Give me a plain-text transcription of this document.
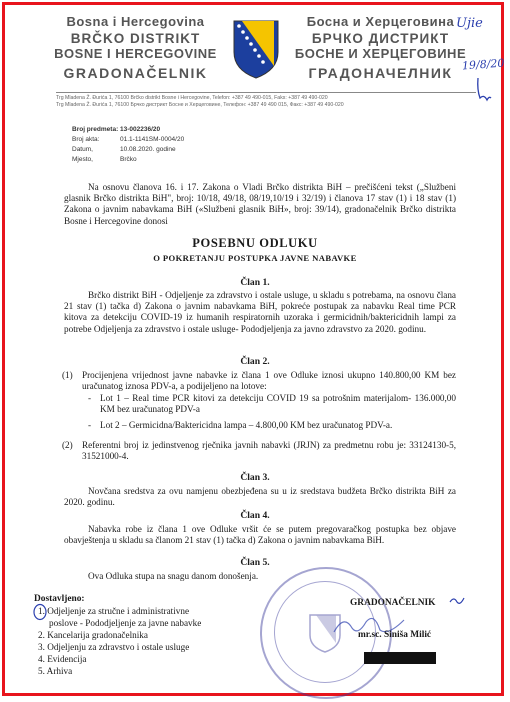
Bosna i Hercegovina
BRČKO DISTRIKT
BOSNE I HERCEGOVINE
GRADONAČELNIK
Босна и Херцеговина
БРЧКО ДИСТРИКТ
БОСНЕ И ХЕРЦЕГОВИНЕ
ГРАДОНАЧЕЛНИК
Ujie
19/8/20
Trg Mladena Ž. Đurića 1, 76100 Brčko distrikt Bosne i Hercegovine, Telefon: +387 49 490-015, Faks: +387 49 490-020
Trg Mladena Ž. Đurića 1, 76100 Брчко дистрикт Босне и Херцеговине, Телефон: +387 49 490 015, Факс: +387 49 490-020
Broj predmeta: 13-002236/20
Broj akta:	01.1-1141SM-0004/20
Datum,	10.08.2020. godine
Mjesto,	Brčko
Na osnovu članova 16. i 17. Zakona o Vladi Brčko distrikta BiH – prečišćeni tekst („Službeni glasnik Brčko distrikta BiH", broj: 10/18, 49/18, 08/19,10/19 i 32/19) i članova 17 stav (1) i 18 stav (1) Zakona o javnim nabavkama BiH («Službeni glasnik BiH», broj: 39/14), gradonačelnik Brčko distrikta Bosne i Hercegovine donosi
POSEBNU ODLUKU
O POKRETANJU POSTUPKA JAVNE NABAVKE
Član 1.
Brčko distrikt BiH - Odjeljenje za zdravstvo i ostale usluge, u skladu s potrebama, na osnovu člana 21 stav (1) tačka d) Zakona o javnim nabavkama BiH, pokreće postupak za nabavku Real time PCR kitova za detekciju COVID-19 iz humanih respiratornih uzoraka i germicidnih/baktericidnih lampi za potrebe Odjeljenja za zdravstvo i ostale usluge- Pododjeljenja za javno zdravstvo za 2020. godinu.
Član 2.
(1) Procijenjena vrijednost javne nabavke iz člana 1 ove Odluke iznosi ukupno 140.800,00 KM bez uračunatog iznosa PDV-a, a podijeljeno na lotove:
- Lot 1 – Real time PCR kitovi za detekciju COVID 19 sa potrošnim materijalom- 136.000,00 KM bez uračunatog PDV-a
- Lot 2 – Germicidna/Baktericidna lampa – 4.800,00 KM bez uračunatog PDV-a.
(2) Referentni broj iz jedinstvenog rječnika javnih nabavki (JRJN) za predmetnu robu je: 33124130-5, 31521000-4.
Član 3.
Novčana sredstva za ovu namjenu obezbjeđena su u iz sredstava budžeta Brčko distrikta BiH za 2020. godinu.
Član 4.
Nabavka robe iz člana 1 ove Odluke vršit će se putem pregovaračkog postupka bez objave obavještenja u skladu sa članom 21 stav (1) tačka d) Zakona o javnim nabavkama BiH.
Član 5.
Ova Odluka stupa na snagu danom donošenja.
Dostavljeno:
1. Odjeljenje za stručne i administrativne
poslove - Pododjeljenje za javne nabavke
2. Kancelarija gradonačelnika
3. Odjeljenju za zdravstvo i ostale usluge
4. Evidencija
5. Arhiva
GRADONAČELNIK
mr.sc. Siniša Milić
